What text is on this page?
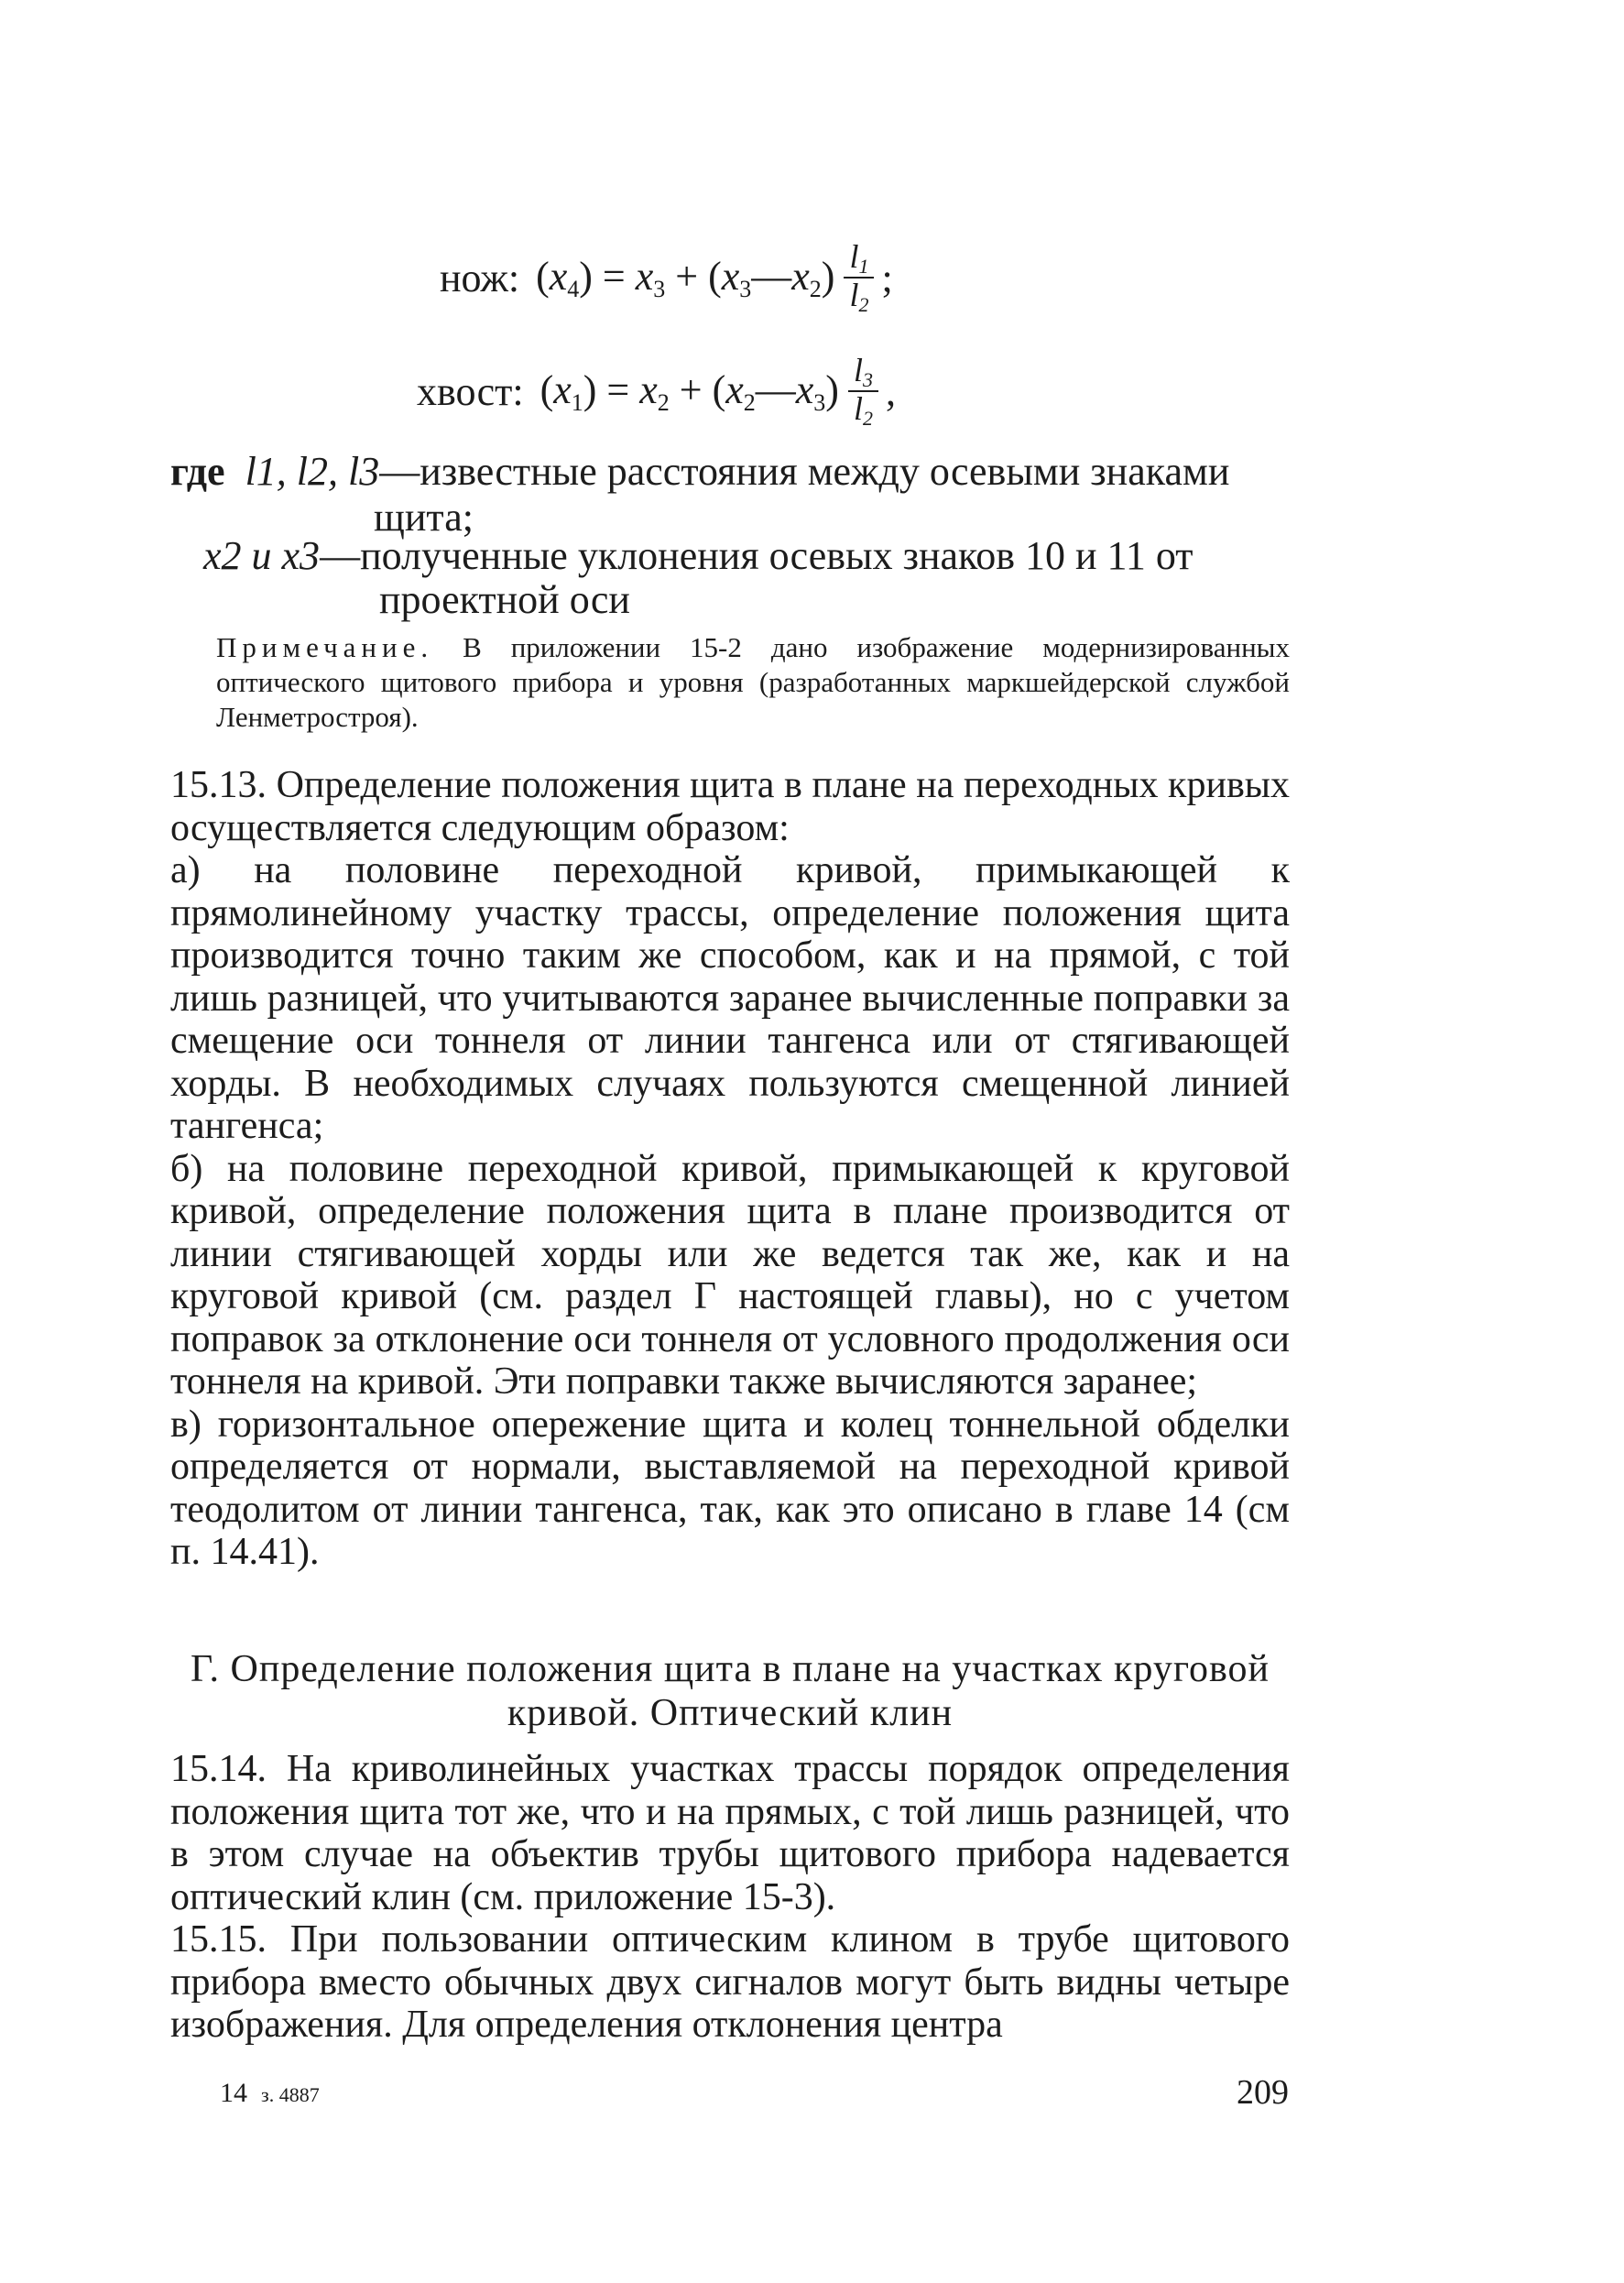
нож: $(x_4) = x_3$ + $(x_3—x_2) \frac{l_1}{l_2}$ ;
хвост: $(x_1) = x_2$ + $(x_2—x_3) \frac{l_3}{l_2}$ ,
где l1, l2, l3—известные расстояния между осевыми знаками
щита;
x2 и x3—полученные уклонения осевых знаков 10 и 11 от
проектной оси
Примечание. В приложении 15-2 дано изображение модернизированных оптического щитового прибора и уровня (разработанных маркшейдерской службой Ленметростроя).

15.13. Определение положения щита в плане на переходных кривых осуществляется следующим образом:

а) на половине переходной кривой, примыкающей к прямолинейному участку трассы, определение положения щита производится точно таким же способом, как и на прямой, с той лишь разницей, что учитываются заранее вычисленные поправки за смещение оси тоннеля от линии тангенса или от стягивающей хорды. В необходимых случаях пользуются смещенной линией тангенса;

б) на половине переходной кривой, примыкающей к круговой кривой, определение положения щита в плане производится от линии стягивающей хорды или же ведется так же, как и на круговой кривой (см. раздел Г настоящей главы), но с учетом поправок за отклонение оси тоннеля от условного продолжения оси тоннеля на кривой. Эти поправки также вычисляются заранее;

в) горизонтальное опережение щита и колец тоннельной обделки определяется от нормали, выставляемой на переходной кривой теодолитом от линии тангенса, так, как это описано в главе 14 (см п. 14.41).

Г. Определение положения щита в плане на участках круговой кривой. Оптический клин

15.14. На криволинейных участках трассы порядок определения положения щита тот же, что и на прямых, с той лишь разницей, что в этом случае на объектив трубы щитового прибора надевается оптический клин (см. приложение 15-3).

15.15. При пользовании оптическим клином в трубе щитового прибора вместо обычных двух сигналов могут быть видны четыре изображения. Для определения отклонения центра

14 з. 4887	209
